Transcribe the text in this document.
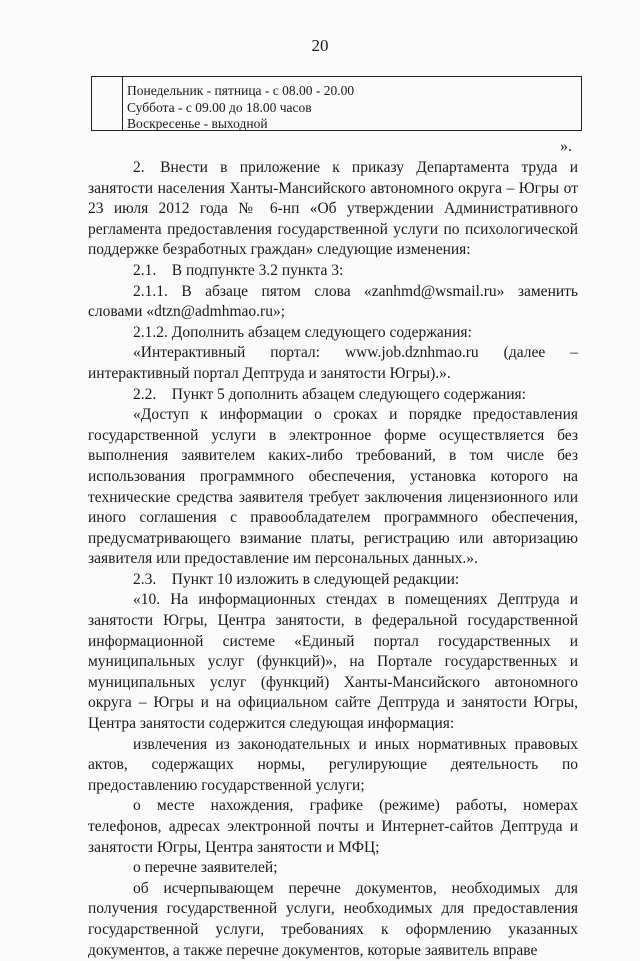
20
Понедельник - пятница - с 08.00 - 20.00
Суббота - с 09.00 до 18.00 часов
Воскресенье - выходной
».

2. Внести в приложение к приказу Департамента труда и занятости населения Ханты-Мансийского автономного округа – Югры от 23 июля 2012 года № 6-нп «Об утверждении Административного регламента предоставления государственной услуги по психологической поддержке безработных граждан» следующие изменения:

2.1. В подпункте 3.2 пункта 3:

2.1.1. В абзаце пятом слова «zanhmd@wsmail.ru» заменить словами «dtzn@admhmao.ru»;

2.1.2. Дополнить абзацем следующего содержания:

«Интерактивный портал: www.job.dznhmao.ru (далее – интерактивный портал Дептруда и занятости Югры).».

2.2. Пункт 5 дополнить абзацем следующего содержания:

«Доступ к информации о сроках и порядке предоставления государственной услуги в электронное форме осуществляется без выполнения заявителем каких-либо требований, в том числе без использования программного обеспечения, установка которого на технические средства заявителя требует заключения лицензионного или иного соглашения с правообладателем программного обеспечения, предусматривающего взимание платы, регистрацию или авторизацию заявителя или предоставление им персональных данных.».

2.3. Пункт 10 изложить в следующей редакции:

«10. На информационных стендах в помещениях Дептруда и занятости Югры, Центра занятости, в федеральной государственной информационной системе «Единый портал государственных и муниципальных услуг (функций)», на Портале государственных и муниципальных услуг (функций) Ханты-Мансийского автономного округа – Югры и на официальном сайте Дептруда и занятости Югры, Центра занятости содержится следующая информация:

извлечения из законодательных и иных нормативных правовых актов, содержащих нормы, регулирующие деятельность по предоставлению государственной услуги;

о месте нахождения, графике (режиме) работы, номерах телефонов, адресах электронной почты и Интернет-сайтов Дептруда и занятости Югры, Центра занятости и МФЦ;

о перечне заявителей;

об исчерпывающем перечне документов, необходимых для получения государственной услуги, необходимых для предоставления государственной услуги, требованиях к оформлению указанных документов, а также перечне документов, которые заявитель вправе
